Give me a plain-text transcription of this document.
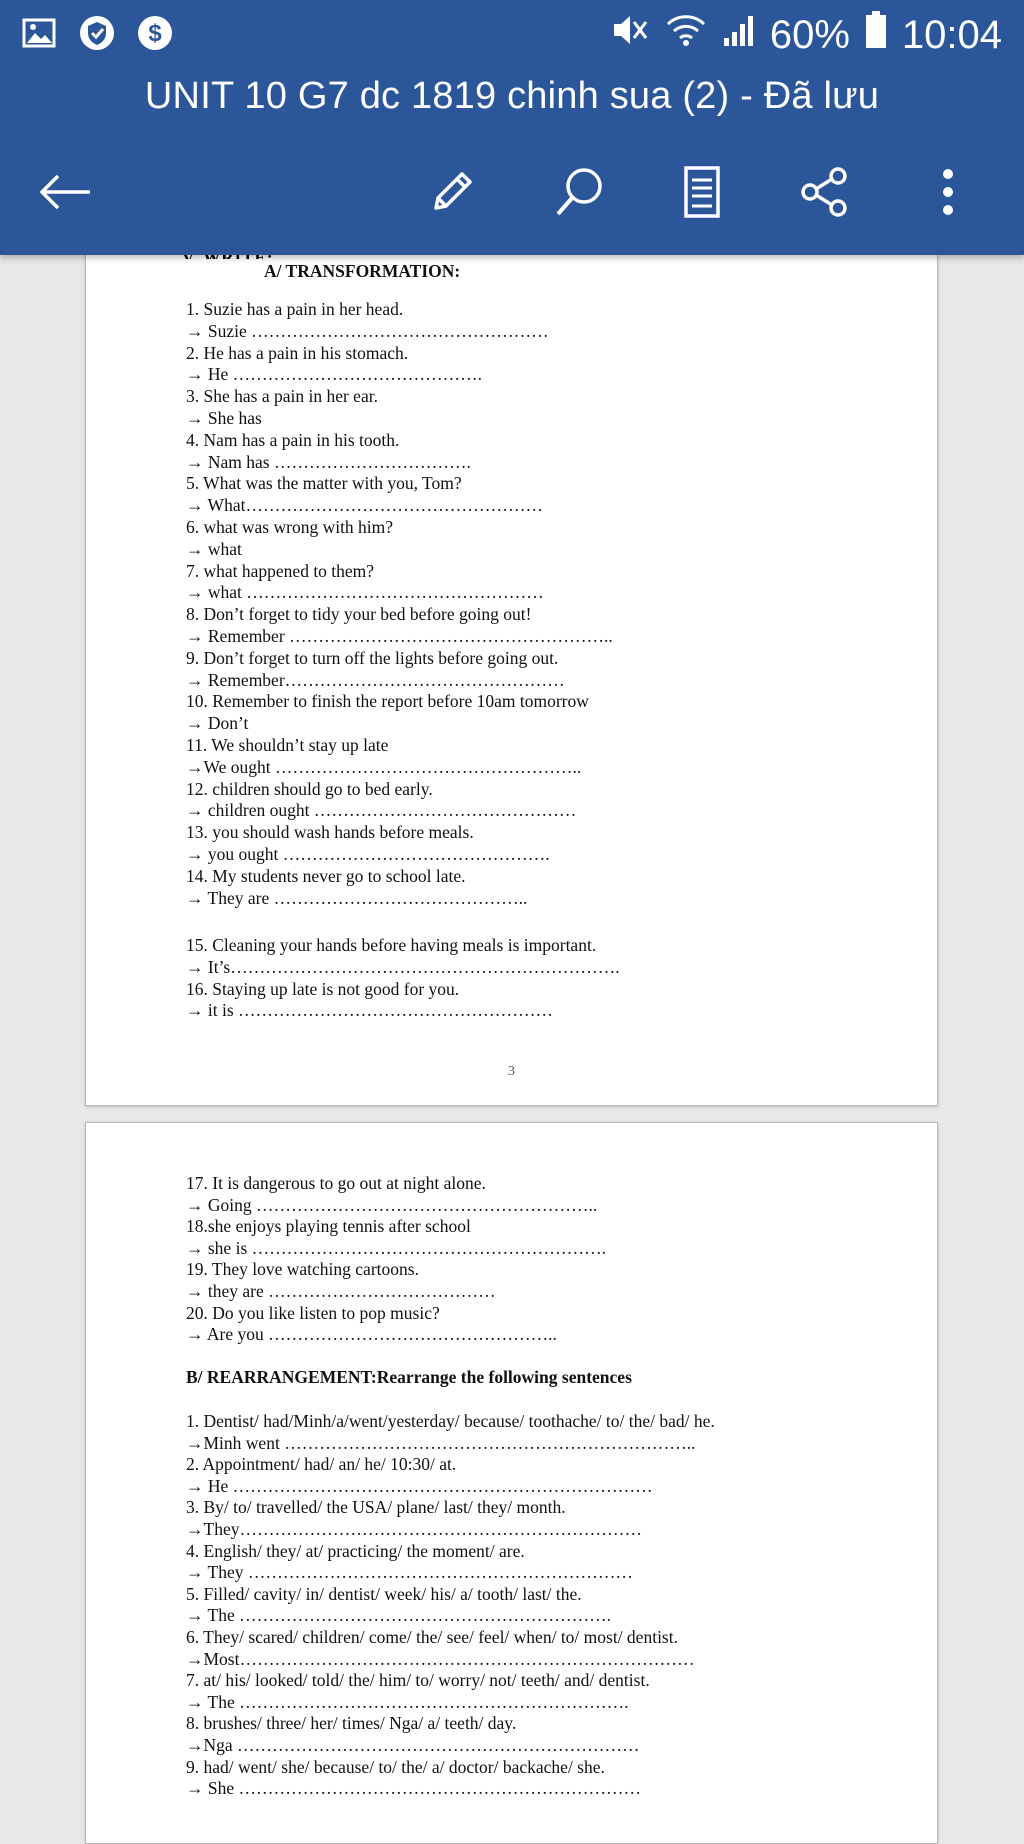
$	60% 10:04
UNIT 10 G7 dc 1819 chinh sua (2) - Đã lưu
A/ TRANSFORMATION:
1. Suzie has a pain in her head.
→ Suzie ……………………………………………
2. He has a pain in his stomach.
→ He …………………………………….
3. She has a pain in her ear.
→ She has
4. Nam has a pain in his tooth.
→ Nam has …………………………….
5. What was the matter with you, Tom?
→ What……………………………………………
6. what was wrong with him?
→ what
7. what happened to them?
→ what ……………………………………………
8. Don’t forget to tidy your bed before going out!
→ Remember ………………………………………………..
9. Don’t forget to turn off the lights before going out.
→ Remember…………………………………………
10. Remember to finish the report before 10am tomorrow
→ Don’t
11. We shouldn’t stay up late
→We ought ……………………………………………..
12. children should go to bed early.
→ children ought ………………………………………
13. you should wash hands before meals.
→ you ought ……………………………………….
14. My students never go to school late.
→ They are ……………………………………..
15. Cleaning your hands before having meals is important.
→ It’s………………………………………………………….
16. Staying up late is not good for you.
→ it is ………………………………………………
3
17. It is dangerous to go out at night alone.
→ Going …………………………………………………..
18.she enjoys playing tennis after school
→ she is …………………………………………………….
19. They love watching cartoons.
→ they are …………………………………
20. Do you like listen to pop music?
→ Are you …………………………………………..
B/ REARRANGEMENT:Rearrange the following sentences
1. Dentist/ had/Minh/a/went/yesterday/ because/ toothache/ to/ the/ bad/ he.
→Minh went ……………………………………………………………..
2. Appointment/ had/ an/ he/ 10:30/ at.
→ He ………………………………………………………………
3. By/ to/ travelled/ the USA/ plane/ last/ they/ month.
→They……………………………………………………………
4. English/ they/ at/ practicing/ the moment/ are.
→ They …………………………………………………………
5. Filled/ cavity/ in/ dentist/ week/ his/ a/ tooth/ last/ the.
→ The ……………………………………………………….
6. They/ scared/ children/ come/ the/ see/ feel/ when/ to/ most/ dentist.
→Most……………………………………………………………………
7. at/ his/ looked/ told/ the/ him/ to/ worry/ not/ teeth/ and/ dentist.
→ The ………………………………………………………….
8. brushes/ three/ her/ times/ Nga/ a/ teeth/ day.
→Nga ……………………………………………………………
9. had/ went/ she/ because/ to/ the/ a/ doctor/ backache/ she.
→ She ……………………………………………………………
